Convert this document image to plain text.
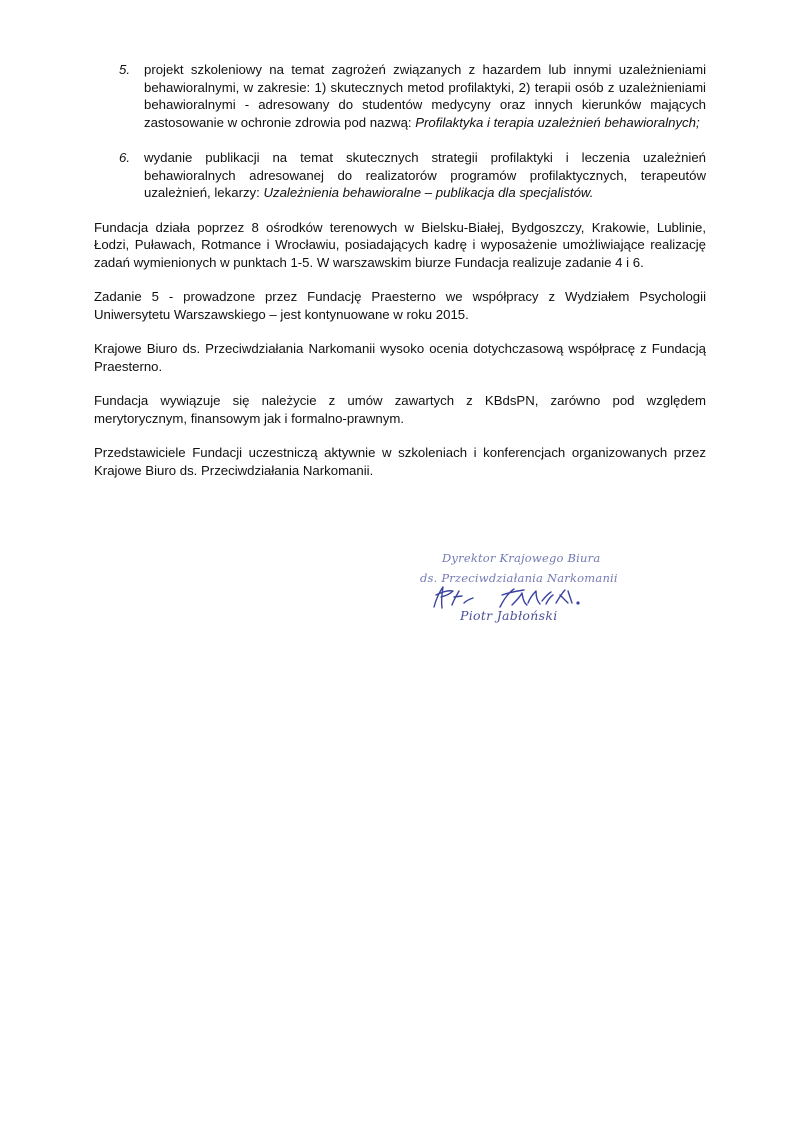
5. projekt szkoleniowy na temat zagrożeń związanych z hazardem lub innymi uzależnieniami behawioralnymi, w zakresie: 1) skutecznych metod profilaktyki, 2) terapii osób z uzależnieniami behawioralnymi - adresowany do studentów medycyny oraz innych kierunków mających zastosowanie w ochronie zdrowia pod nazwą: Profilaktyka i terapia uzależnień behawioralnych;
6. wydanie publikacji na temat skutecznych strategii profilaktyki i leczenia uzależnień behawioralnych adresowanej do realizatorów programów profilaktycznych, terapeutów uzależnień, lekarzy: Uzależnienia behawioralne – publikacja dla specjalistów.

Fundacja działa poprzez 8 ośrodków terenowych w Bielsku-Białej, Bydgoszczy, Krakowie, Lublinie, Łodzi, Puławach, Rotmance i Wrocławiu, posiadających kadrę i wyposażenie umożliwiające realizację zadań wymienionych w punktach 1-5. W warszawskim biurze Fundacja realizuje zadanie 4 i 6.

Zadanie 5 - prowadzone przez Fundację Praesterno we współpracy z Wydziałem Psychologii Uniwersytetu Warszawskiego – jest kontynuowane w roku 2015.

Krajowe Biuro ds. Przeciwdziałania Narkomanii wysoko ocenia dotychczasową współpracę z Fundacją Praesterno.

Fundacja wywiązuje się należycie z umów zawartych z KBdsPN, zarówno pod względem merytorycznym, finansowym jak i formalno-prawnym.

Przedstawiciele Fundacji uczestniczą aktywnie w szkoleniach i konferencjach organizowanych przez Krajowe Biuro ds. Przeciwdziałania Narkomanii.

Dyrektor Krajowego Biura
ds. Przeciwdziałania Narkomanii
Piotr Jabłoński
